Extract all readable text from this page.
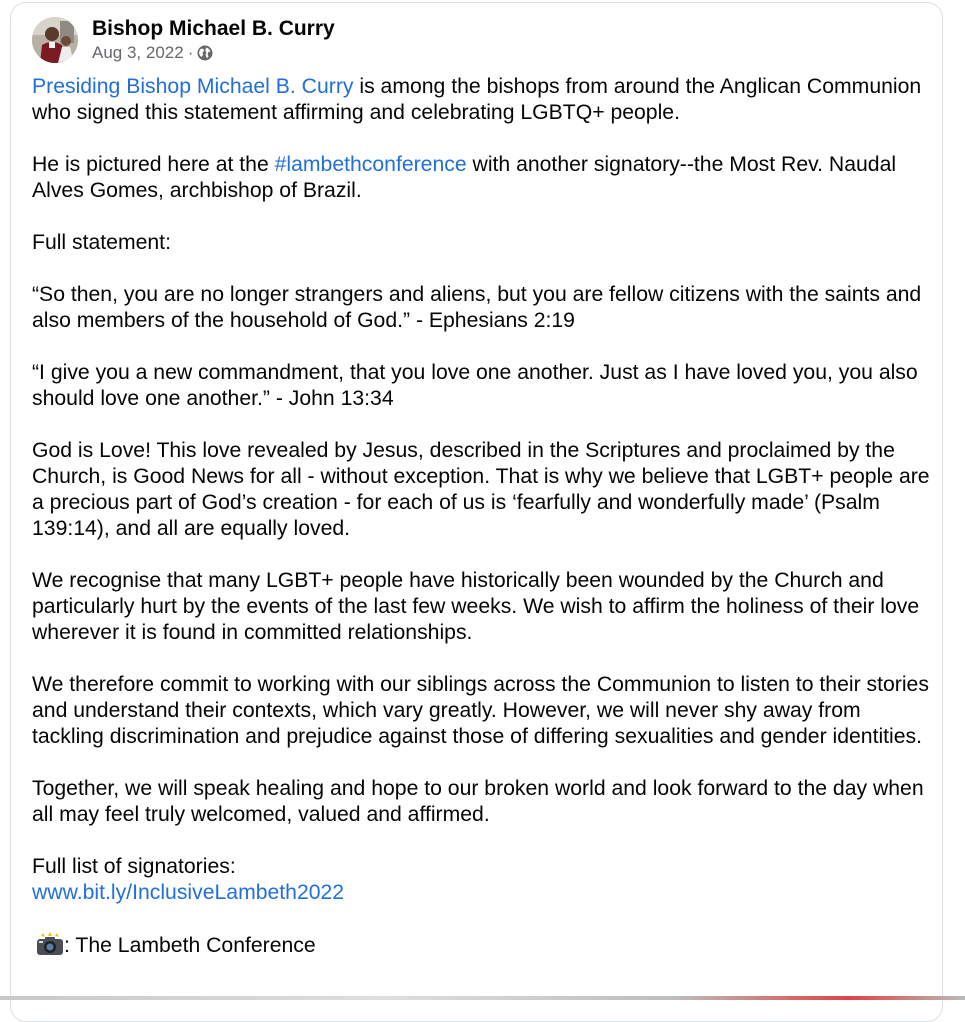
Bishop Michael B. Curry
Aug 3, 2022 ·

Presiding Bishop Michael B. Curry is among the bishops from around the Anglican Communion who signed this statement affirming and celebrating LGBTQ+ people.

He is pictured here at the #lambethconference with another signatory--the Most Rev. Naudal Alves Gomes, archbishop of Brazil.

Full statement:

“So then, you are no longer strangers and aliens, but you are fellow citizens with the saints and also members of the household of God.” - Ephesians 2:19

“I give you a new commandment, that you love one another. Just as I have loved you, you also should love one another.” - John 13:34

God is Love! This love revealed by Jesus, described in the Scriptures and proclaimed by the Church, is Good News for all - without exception. That is why we believe that LGBT+ people are a precious part of God’s creation - for each of us is ‘fearfully and wonderfully made’ (Psalm 139:14), and all are equally loved.

We recognise that many LGBT+ people have historically been wounded by the Church and particularly hurt by the events of the last few weeks. We wish to affirm the holiness of their love wherever it is found in committed relationships.

We therefore commit to working with our siblings across the Communion to listen to their stories and understand their contexts, which vary greatly. However, we will never shy away from tackling discrimination and prejudice against those of differing sexualities and gender identities.

Together, we will speak healing and hope to our broken world and look forward to the day when all may feel truly welcomed, valued and affirmed.

Full list of signatories:
www.bit.ly/InclusiveLambeth2022

: The Lambeth Conference
